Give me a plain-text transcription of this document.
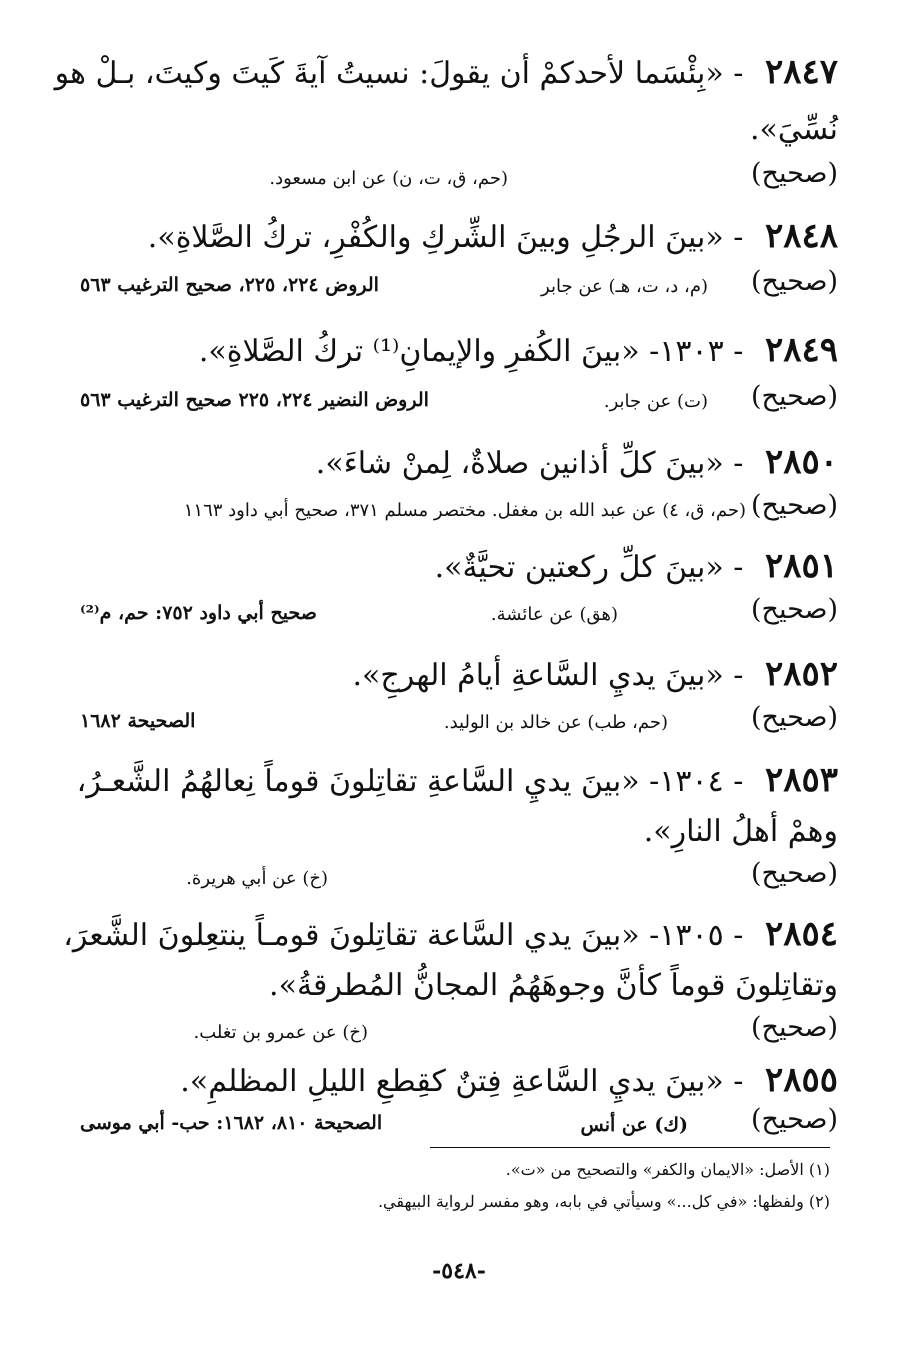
٢٨٤٧ - «بِئْسَما لأحدكمْ أن يقولَ: نسيتُ آيةَ كَيتَ وكيتَ، بـلْ هو
نُسِّيَ».
(صحيح)
(حم، ق، ت، ن) عن ابن مسعود.
٢٨٤٨ - «بينَ الرجُلِ وبينَ الشِّركِ والكُفْرِ، تركُ الصَّلاةِ».
(صحيح)
(م، د، ت، هـ) عن جابر
الروض ٢٢٤، ٢٢٥، صحيح الترغيب ٥٦٣
٢٨٤٩ - ١٣٠٣- «بينَ الكُفرِ والإيمانِ⁽¹⁾ تركُ الصَّلاةِ».
(صحيح)
(ت) عن جابر.
الروض النضير ٢٢٤، ٢٢٥ صحيح الترغيب ٥٦٣
٢٨٥٠ - «بينَ كلِّ أذانين صلاةٌ، لِمنْ شاءَ».
(صحيح)
(حم، ق، ٤) عن عبد الله بن مغفل. مختصر مسلم ٣٧١، صحيح أبي داود ١١٦٣
٢٨٥١ - «بينَ كلِّ ركعتين تحيَّةٌ».
(صحيح)
(هق) عن عائشة.
صحيح أبي داود ٧٥٢: حم، م⁽²⁾
٢٨٥٢ - «بينَ يديِ السَّاعةِ أيامُ الهرجِ».
(صحيح)
(حم، طب) عن خالد بن الوليد.
الصحيحة ١٦٨٢
٢٨٥٣ - ١٣٠٤- «بينَ يديِ السَّاعةِ تقاتِلونَ قوماً نِعالهُمُ الشَّعـرُ،
وهمْ أهلُ النارِ».
(صحيح)
(خ) عن أبي هريرة.
٢٨٥٤ - ١٣٠٥- «بينَ يدي السَّاعة تقاتِلونَ قومـاً ينتعِلونَ الشَّعرَ،
وتقاتِلونَ قوماً كأنَّ وجوهَهُمُ المجانُّ المُطرقةُ».
(صحيح)
(خ) عن عمرو بن تغلب.
٢٨٥٥ - «بينَ يديِ السَّاعةِ فِتنٌ كقِطعِ الليلِ المظلمِ».
(صحيح)
(ك) عن أنس
الصحيحة ٨١٠، ١٦٨٢: حب- أبي موسى
(١) الأصل: «الايمان والكفر» والتصحيح من «ت».
(٢) ولفظها: «في كل...» وسيأتي في بابه، وهو مفسر لرواية البيهقي.
-٥٤٨-
